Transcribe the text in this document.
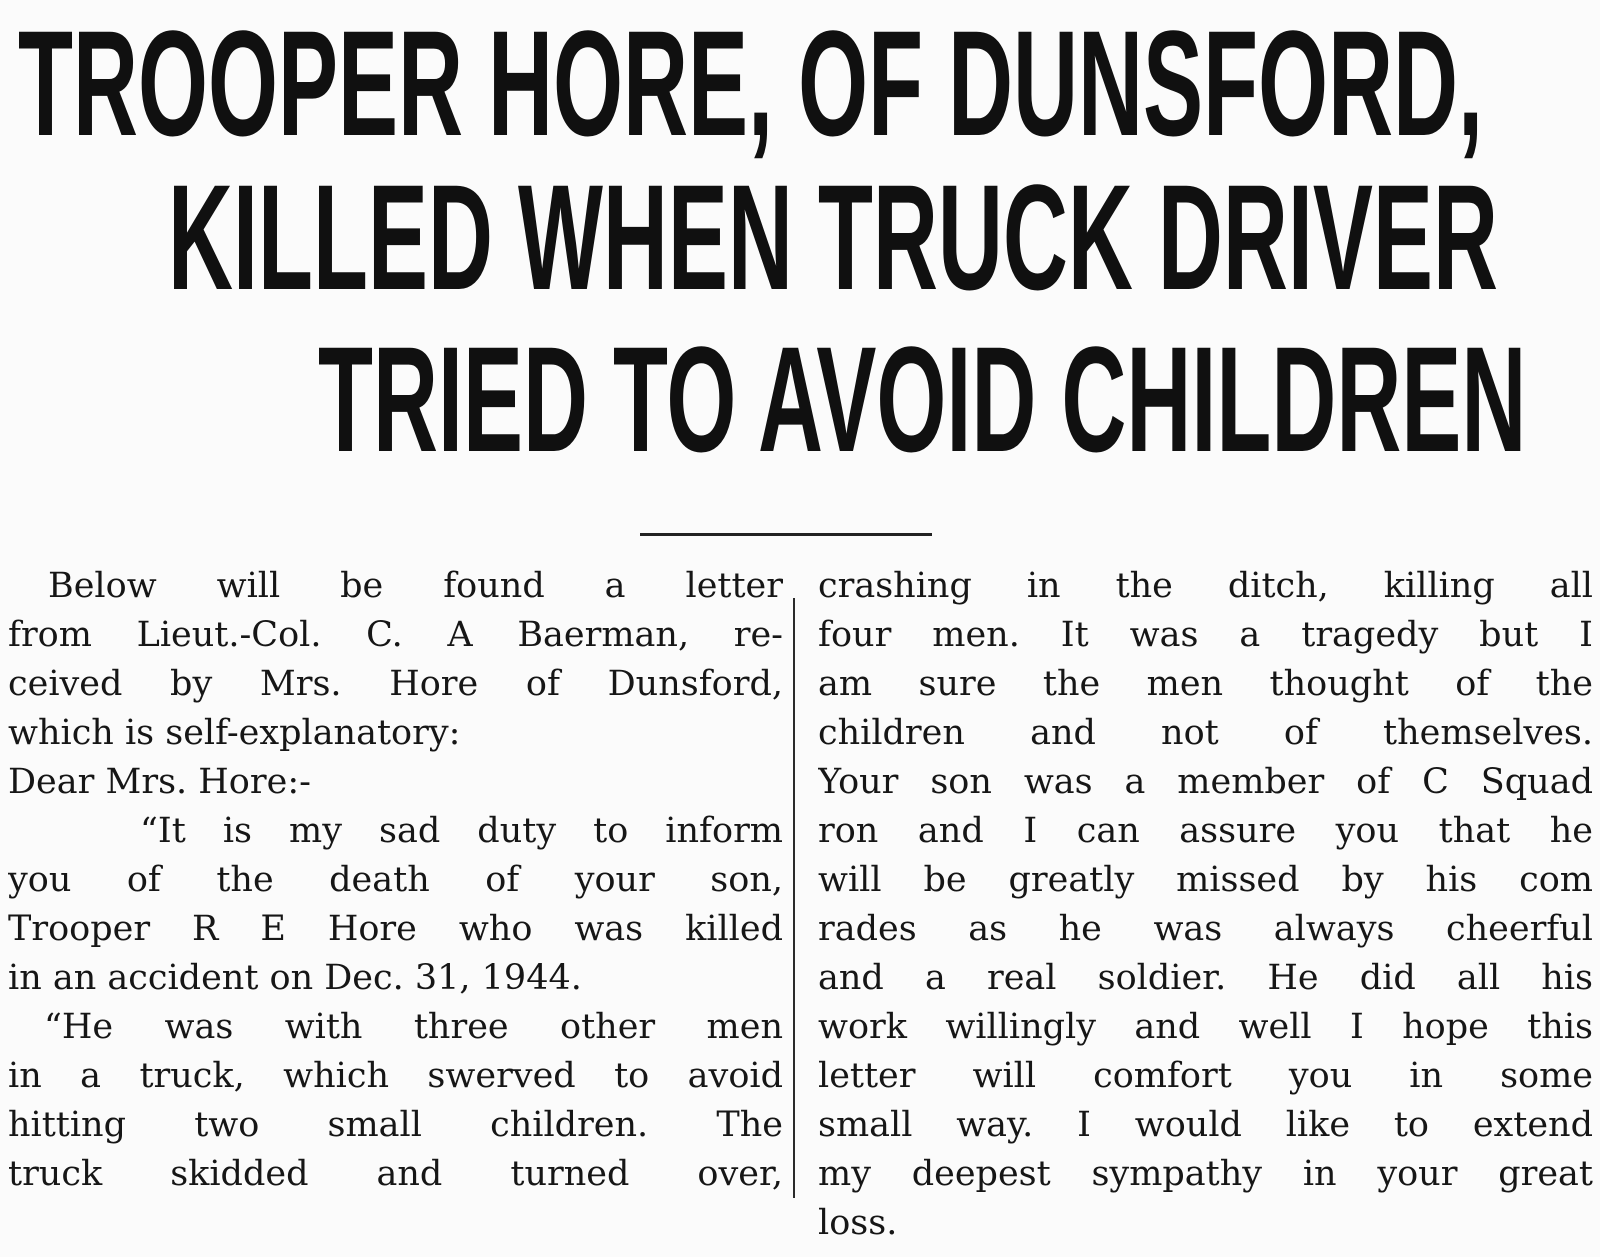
TROOPER HORE, OF DUNSFORD,
KILLED WHEN TRUCK DRIVER
TRIED TO AVOID CHILDREN
Below will be found a letter
from Lieut.-Col. C. A Baerman, re-
ceived by Mrs. Hore of Dunsford,
which is self-explanatory:
Dear Mrs. Hore:-
“It is my sad duty to inform
you of the death of your son,
Trooper R E Hore who was killed
in an accident on Dec. 31, 1944.
“He was with three other men
in a truck, which swerved to avoid
hitting two small children. The
truck skidded and turned over,
crashing in the ditch, killing all
four men. It was a tragedy but I
am sure the men thought of the
children and not of themselves.
Your son was a member of C Squad
ron and I can assure you that he
will be greatly missed by his com
rades as he was always cheerful
and a real soldier. He did all his
work willingly and well I hope this
letter will comfort you in some
small way. I would like to extend
my deepest sympathy in your great
loss.
